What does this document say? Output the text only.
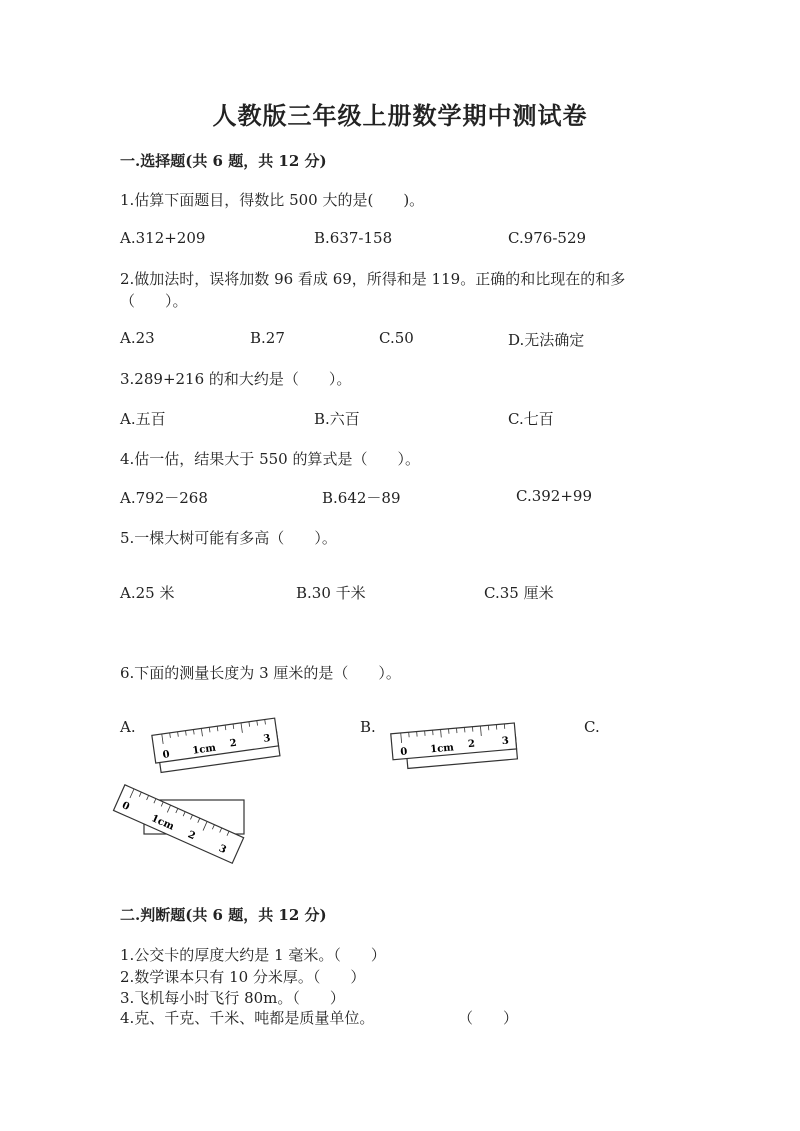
人教版三年级上册数学期中测试卷
一.选择题(共 6 题，共 12 分)
1.估算下面题目，得数比 500 大的是(　　)。
A.312+209	B.637-158	C.976-529
2.做加法时，误将加数 96 看成 69，所得和是 119。正确的和比现在的和多
（　　）。
A.23	B.27	C.50	D.无法确定
3.289+216 的和大约是（　　）。
A.五百	B.六百	C.七百
4.估一估，结果大于 550 的算式是（　　）。
A.792－268	B.642－89	C.392+99
5.一棵大树可能有多高（　　）。
A.25 米	B.30 千米	C.35 厘米
6.下面的测量长度为 3 厘米的是（　　）。
A.	B.	C.
0 1cm 2	3
0 1cm 2	3
0
1cm
2
3
二.判断题(共 6 题，共 12 分)
1.公交卡的厚度大约是 1 毫米。（　　）
2.数学课本只有 10 分米厚。（　　）
3.飞机每小时飞行 80m。（　　）
4.克、千克、千米、吨都是质量单位。	（　　）
